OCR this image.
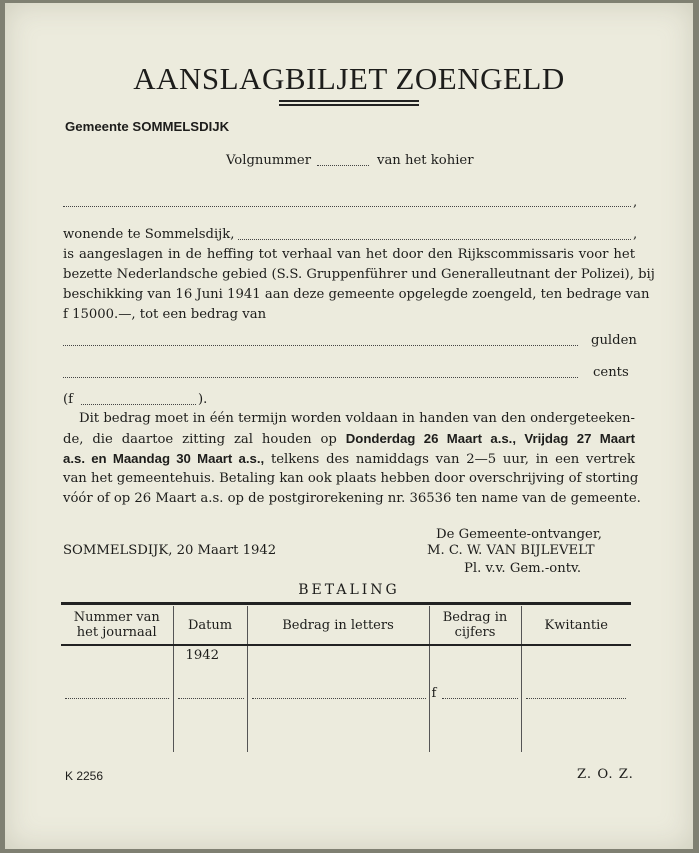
AANSLAGBILJET ZOENGELD
Gemeente SOMMELSDIJK
Volgnummer	van het kohier
,
wonende te Sommelsdijk,	,
is aangeslagen in de heffing tot verhaal van het door den Rijkscommissaris voor het
bezette Nederlandsche gebied (S.S. Gruppenführer und Generalleutnant der Polizei), bij
beschikking van 16 Juni 1941 aan deze gemeente opgelegde zoengeld, ten bedrage van
f 15000.—, tot een bedrag van
gulden
cents
(f	).
Dit bedrag moet in één termijn worden voldaan in handen van den ondergeteeken-
de, die daartoe zitting zal houden op Donderdag 26 Maart a.s., Vrijdag 27 Maart
a.s. en Maandag 30 Maart a.s., telkens des namiddags van 2—5 uur, in een vertrek
van het gemeentehuis. Betaling kan ook plaats hebben door overschrijving of storting
vóór of op 26 Maart a.s. op de postgirorekening nr. 36536 ten name van de gemeente.
De Gemeente-ontvanger,
SOMMELSDIJK, 20 Maart 1942	M. C. W. VAN BIJLEVELT
Pl. v.v. Gem.-ontv.
BETALING
Nummer van het journaal	Datum	Bedrag in letters	Bedrag in cijfers	Kwitantie

	1942		f	

K 2256	Z. O. Z.
